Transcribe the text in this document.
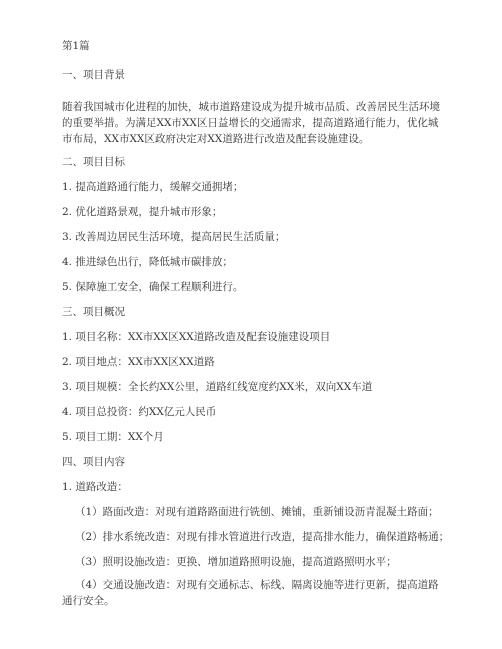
第1篇
一、项目背景
随着我国城市化进程的加快，城市道路建设成为提升城市品质、改善居民生活环境的重要举措。为满足XX市XX区日益增长的交通需求，提高道路通行能力，优化城市布局，XX市XX区政府决定对XX道路进行改造及配套设施建设。
二、项目目标
1. 提高道路通行能力，缓解交通拥堵；
2. 优化道路景观，提升城市形象；
3. 改善周边居民生活环境，提高居民生活质量；
4. 推进绿色出行，降低城市碳排放；
5. 保障施工安全，确保工程顺利进行。
三、项目概况
1. 项目名称：XX市XX区XX道路改造及配套设施建设项目
2. 项目地点：XX市XX区XX道路
3. 项目规模：全长约XX公里，道路红线宽度约XX米，双向XX车道
4. 项目总投资：约XX亿元人民币
5. 项目工期：XX个月
四、项目内容
1. 道路改造：
（1）路面改造：对现有道路路面进行铣刨、摊铺，重新铺设沥青混凝土路面；
（2）排水系统改造：对现有排水管道进行改造，提高排水能力，确保道路畅通；
（3）照明设施改造：更换、增加道路照明设施，提高道路照明水平；
（4）交通设施改造：对现有交通标志、标线、隔离设施等进行更新，提高道路通行安全。
